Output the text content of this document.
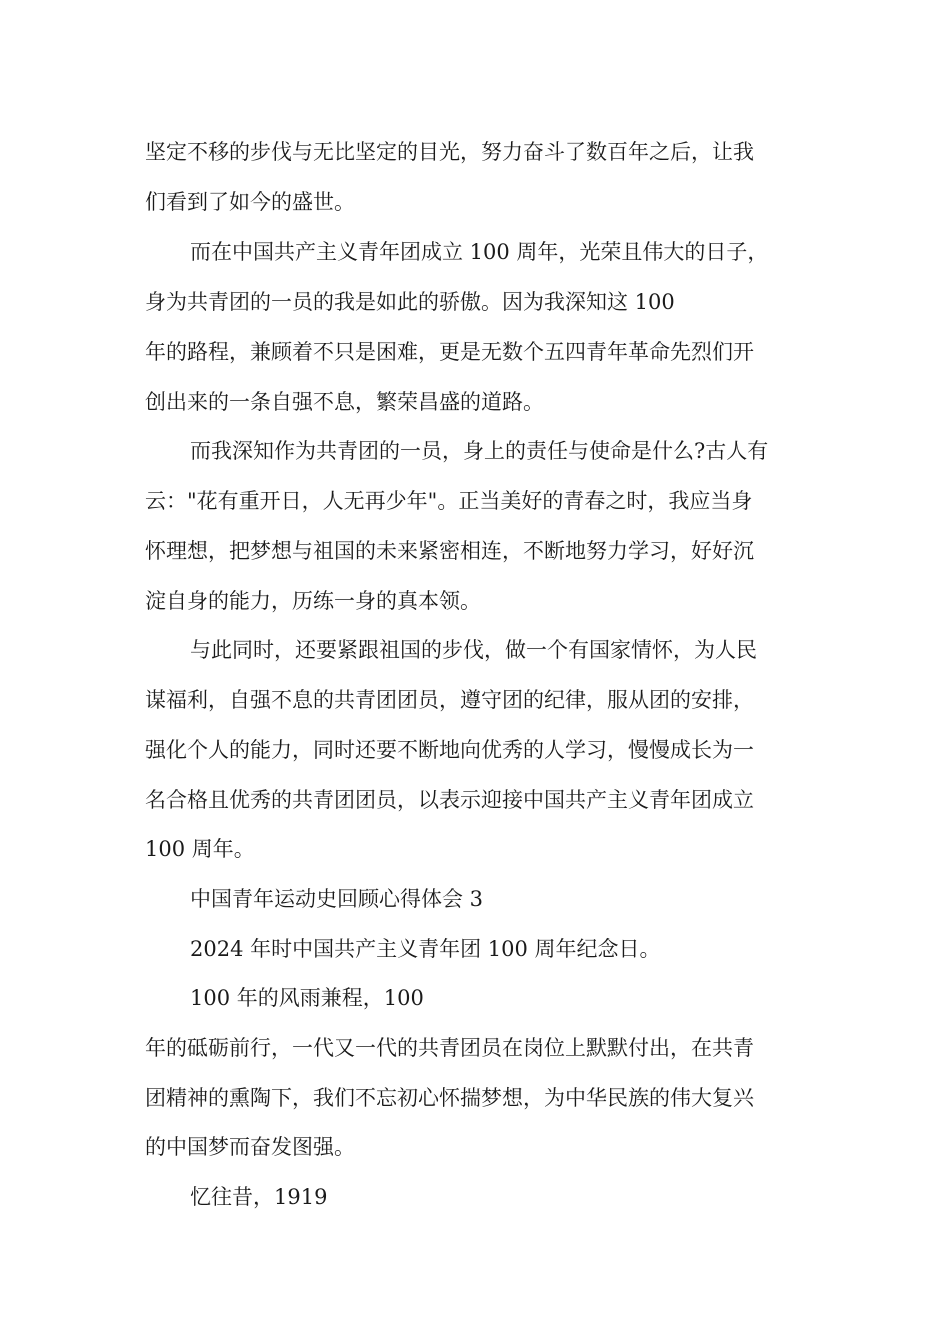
坚定不移的步伐与无比坚定的目光，努力奋斗了数百年之后，让我
们看到了如今的盛世。
而在中国共产主义青年团成立 100 周年，光荣且伟大的日子，
身为共青团的一员的我是如此的骄傲。因为我深知这 100
年的路程，兼顾着不只是困难，更是无数个五四青年革命先烈们开
创出来的一条自强不息，繁荣昌盛的道路。
而我深知作为共青团的一员，身上的责任与使命是什么?古人有
云："花有重开日，人无再少年"。正当美好的青春之时，我应当身
怀理想，把梦想与祖国的未来紧密相连，不断地努力学习，好好沉
淀自身的能力，历练一身的真本领。
与此同时，还要紧跟祖国的步伐，做一个有国家情怀，为人民
谋福利，自强不息的共青团团员，遵守团的纪律，服从团的安排，
强化个人的能力，同时还要不断地向优秀的人学习，慢慢成长为一
名合格且优秀的共青团团员，以表示迎接中国共产主义青年团成立
100 周年。
中国青年运动史回顾心得体会 3
2024 年时中国共产主义青年团 100 周年纪念日。
100 年的风雨兼程，100
年的砥砺前行，一代又一代的共青团员在岗位上默默付出，在共青
团精神的熏陶下，我们不忘初心怀揣梦想，为中华民族的伟大复兴
的中国梦而奋发图强。
忆往昔，1919
